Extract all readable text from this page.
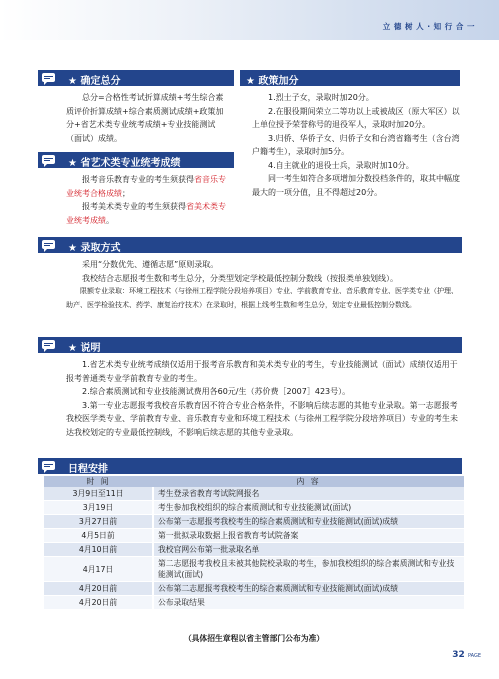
立 德 树 人 · 知 行 合 一
★ 确定总分

总分=合格性考试折算成绩+考生综合素质评价折算成绩+综合素质测试成绩+政策加分+省艺术类专业统考成绩+专业技能测试（面试）成绩。

★ 政策加分

1.烈士子女，录取时加20分。

2.在服役期间荣立二等功以上或被战区（原大军区）以上单位授予荣誉称号的退役军人，录取时加20分。

3.归侨、华侨子女、归侨子女和台湾省籍考生（含台湾户籍考生），录取时加5分。

4.自主就业的退役士兵，录取时加10分。

同一考生如符合多项增加分数投档条件的，取其中幅度最大的一项分值，且不得超过20分。

★ 省艺术类专业统考成绩

报考音乐教育专业的考生须获得省音乐专业统考合格成绩；

报考美术类专业的考生须获得省美术类专业统考成绩。

★ 录取方式

采用“分数优先、遵循志愿”原则录取。

我校结合志愿报考生数和考生总分，分类型划定学校最低控制分数线（按报类单独划线）。

限额专业录取：环境工程技术（与徐州工程学院分段培养项目）专业、学前教育专业、音乐教育专业、医学类专业（护理、助产、医学检验技术、药学、康复治疗技术）在录取时，根据上线考生数和考生总分，划定专业最低控制分数线。

★ 说明

1.省艺术类专业统考成绩仅适用于报考音乐教育和美术类专业的考生，专业技能测试（面试）成绩仅适用于报考普通类专业学前教育专业的考生。

2.综合素质测试和专业技能测试费用各60元/生（苏价费［2007］423号）。

3.第一专业志愿报考我校音乐教育因不符合专业合格条件，不影响后续志愿的其他专业录取。第一志愿报考我校医学类专业、学前教育专业、音乐教育专业和环境工程技术（与徐州工程学院分段培养项目）专业的考生未达我校划定的专业最低控制线，不影响后续志愿的其他专业录取。

日程安排
时 间	内 容
3月9日至11日	考生登录省教育考试院网报名
3月19日	考生参加我校组织的综合素质测试和专业技能测试(面试)
3月27日前	公布第一志愿报考我校考生的综合素质测试和专业技能测试(面试)成绩
4月5日前	第一批拟录取数据上报省教育考试院备案
4月10日前	我校官网公布第一批录取名单
4月17日	第二志愿报考我校且未被其他院校录取的考生，参加我校组织的综合素质测试和专业技能测试(面试)
4月20日前	公布第二志愿报考我校考生的综合素质测试和专业技能测试(面试)成绩
4月20日前	公布录取结果
（具体招生章程以省主管部门公布为准）
32 PAGE
